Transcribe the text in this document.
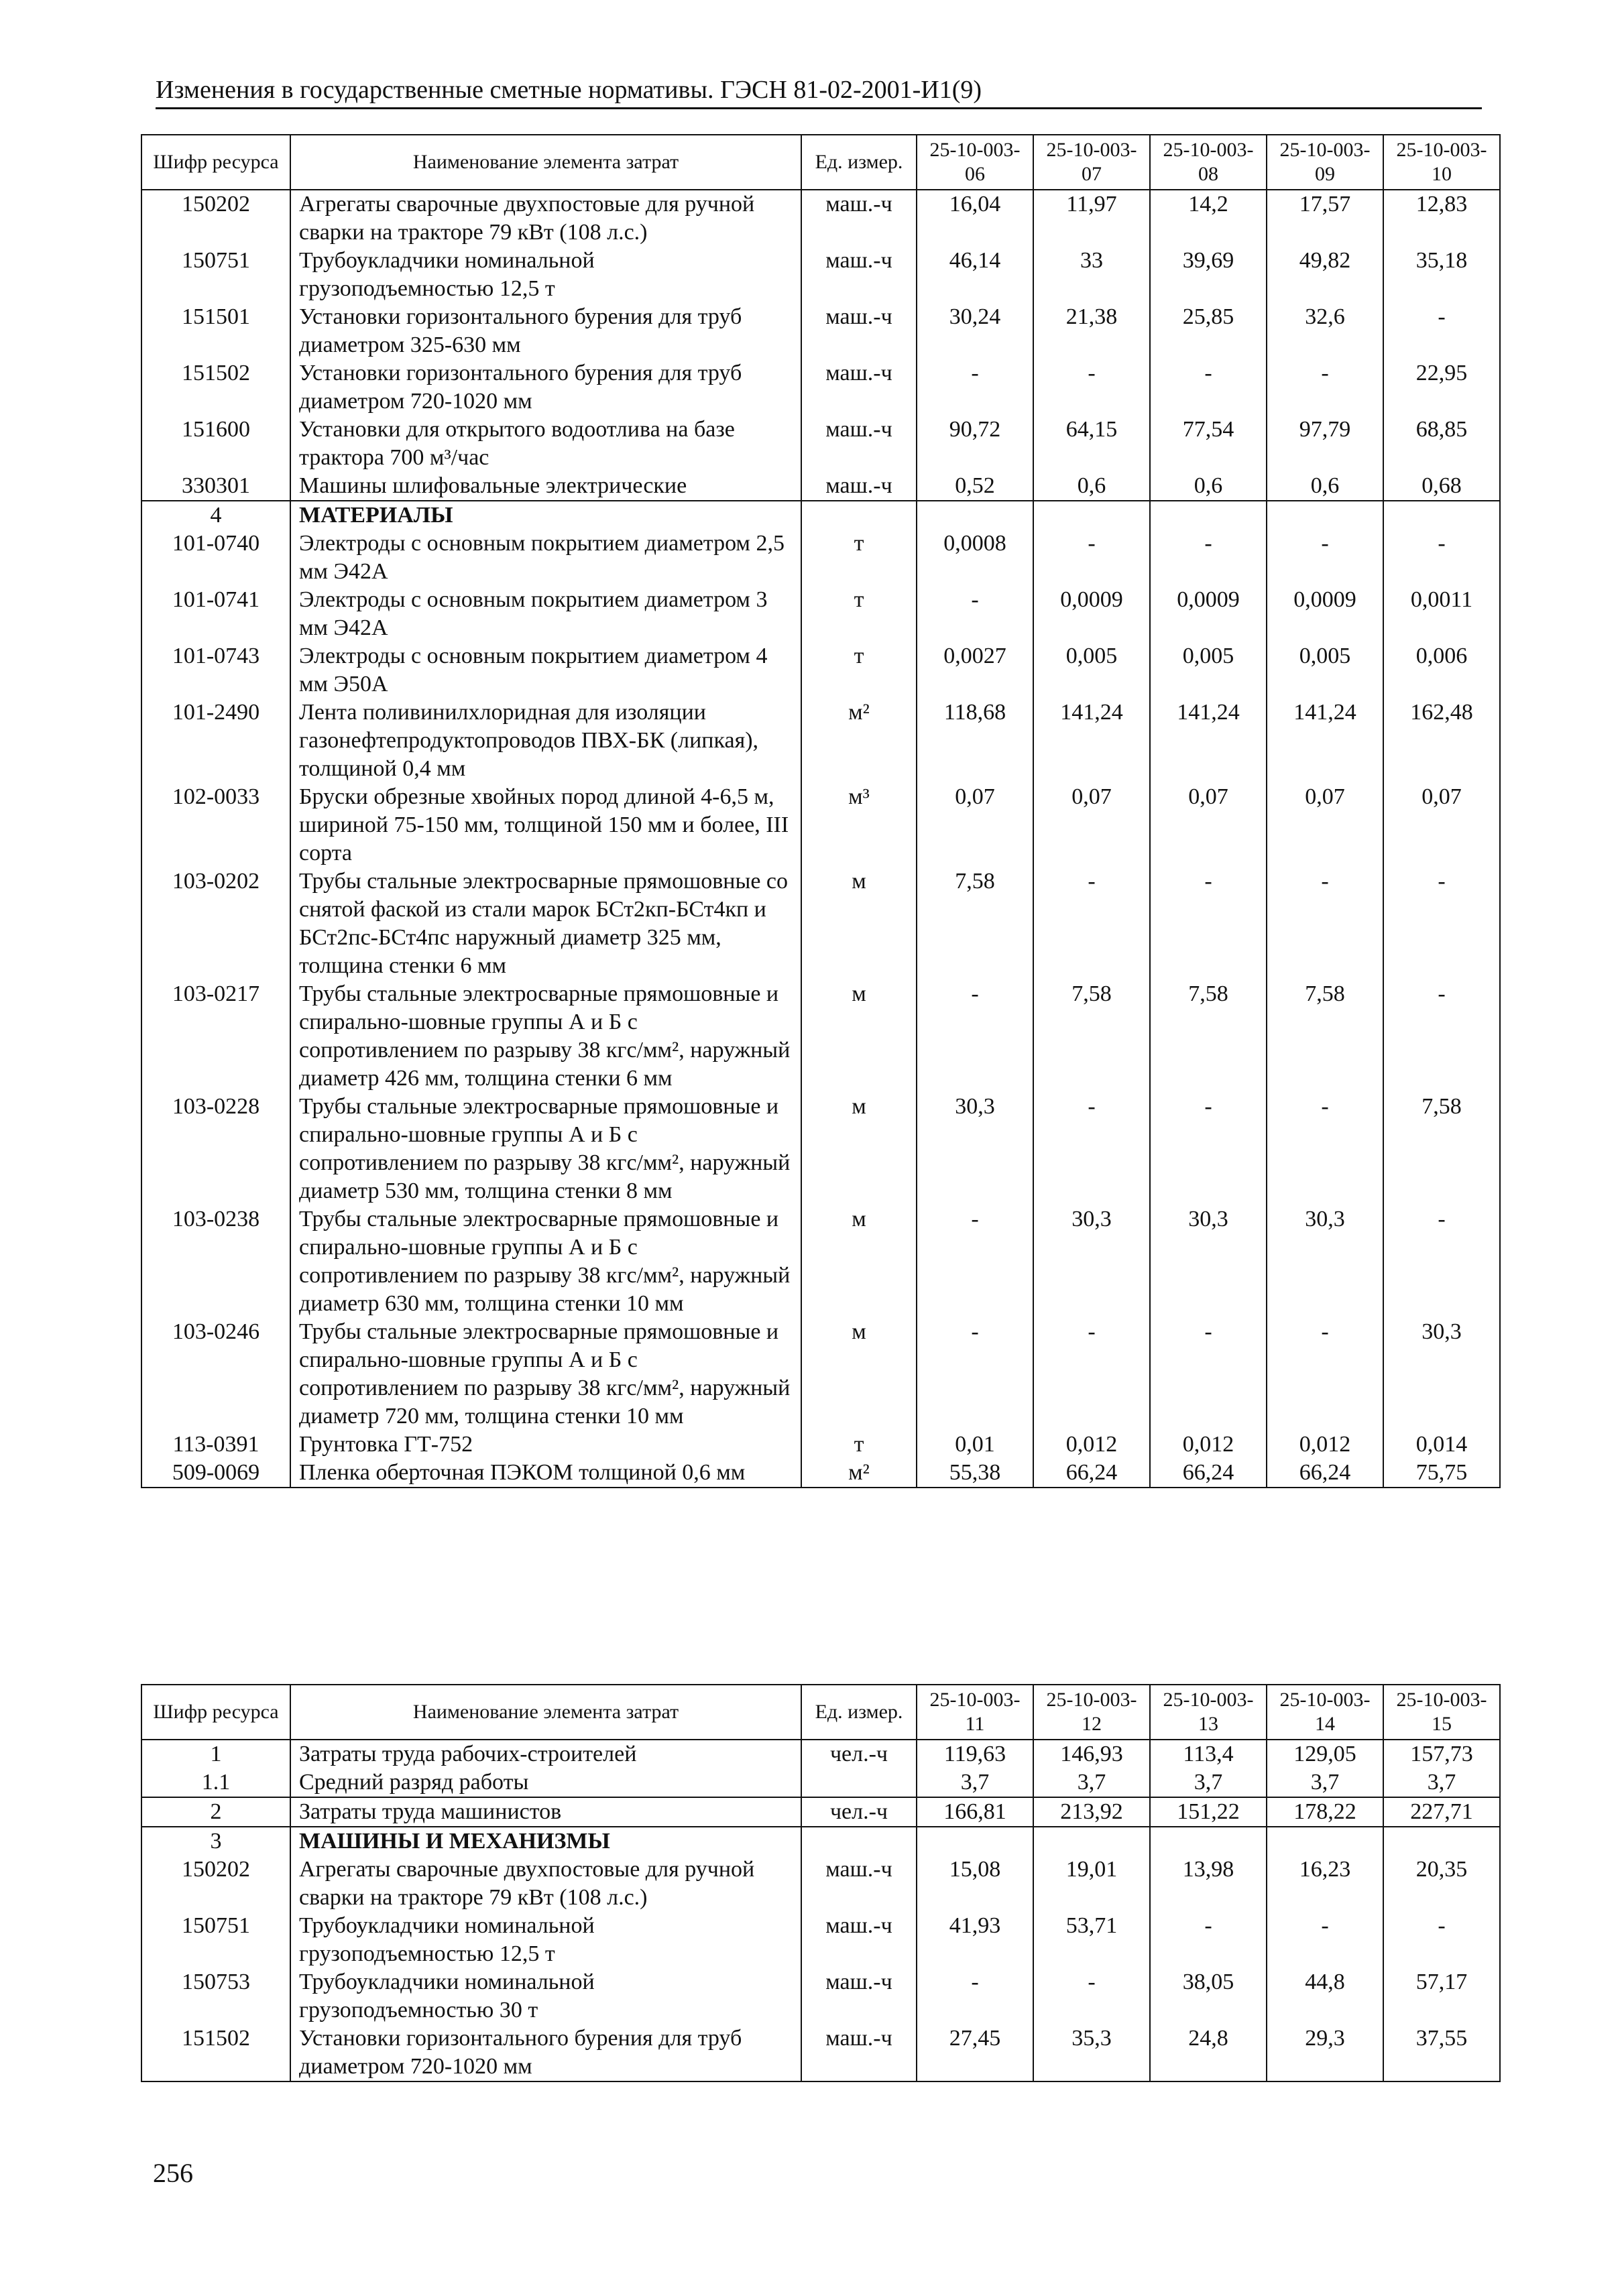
Изменения в государственные сметные нормативы. ГЭСН 81-02-2001-И1(9)
Шифр ресурса	Наименование элемента затрат	Ед. измер.	25-10-003-06	25-10-003-07	25-10-003-08	25-10-003-09	25-10-003-10
150202	Агрегаты сварочные двухпостовые для ручной сварки на тракторе 79 кВт (108 л.с.)	маш.-ч	16,04	11,97	14,2	17,57	12,83
150751	Трубоукладчики номинальной грузоподъемностью 12,5 т	маш.-ч	46,14	33	39,69	49,82	35,18
151501	Установки горизонтального бурения для труб диаметром 325-630 мм	маш.-ч	30,24	21,38	25,85	32,6	-
151502	Установки горизонтального бурения для труб диаметром 720-1020 мм	маш.-ч	-	-	-	-	22,95
151600	Установки для открытого водоотлива на базе трактора 700 м³/час	маш.-ч	90,72	64,15	77,54	97,79	68,85
330301	Машины шлифовальные электрические	маш.-ч	0,52	0,6	0,6	0,6	0,68
4	МАТЕРИАЛЫ						
101-0740	Электроды с основным покрытием диаметром 2,5 мм Э42А	т	0,0008	-	-	-	-
101-0741	Электроды с основным покрытием диаметром 3 мм Э42А	т	-	0,0009	0,0009	0,0009	0,0011
101-0743	Электроды с основным покрытием диаметром 4 мм Э50А	т	0,0027	0,005	0,005	0,005	0,006
101-2490	Лента поливинилхлоридная для изоляции газонефтепродуктопроводов ПВХ-БК (липкая), толщиной 0,4 мм	м²	118,68	141,24	141,24	141,24	162,48
102-0033	Бруски обрезные хвойных пород длиной 4-6,5 м, шириной 75-150 мм, толщиной 150 мм и более, III сорта	м³	0,07	0,07	0,07	0,07	0,07
103-0202	Трубы стальные электросварные прямошовные со снятой фаской из стали марок БСт2кп-БСт4кп и БСт2пс-БСт4пс наружный диаметр 325 мм, толщина стенки 6 мм	м	7,58	-	-	-	-
103-0217	Трубы стальные электросварные прямошовные и спирально-шовные группы А и Б с сопротивлением по разрыву 38 кгс/мм², наружный диаметр 426 мм, толщина стенки 6 мм	м	-	7,58	7,58	7,58	-
103-0228	Трубы стальные электросварные прямошовные и спирально-шовные группы А и Б с сопротивлением по разрыву 38 кгс/мм², наружный диаметр 530 мм, толщина стенки 8 мм	м	30,3	-	-	-	7,58
103-0238	Трубы стальные электросварные прямошовные и спирально-шовные группы А и Б с сопротивлением по разрыву 38 кгс/мм², наружный диаметр 630 мм, толщина стенки 10 мм	м	-	30,3	30,3	30,3	-
103-0246	Трубы стальные электросварные прямошовные и спирально-шовные группы А и Б с сопротивлением по разрыву 38 кгс/мм², наружный диаметр 720 мм, толщина стенки 10 мм	м	-	-	-	-	30,3
113-0391	Грунтовка ГТ-752	т	0,01	0,012	0,012	0,012	0,014
509-0069	Пленка оберточная ПЭКОМ толщиной 0,6 мм	м²	55,38	66,24	66,24	66,24	75,75
Шифр ресурса	Наименование элемента затрат	Ед. измер.	25-10-003-11	25-10-003-12	25-10-003-13	25-10-003-14	25-10-003-15
1	Затраты труда рабочих-строителей	чел.-ч	119,63	146,93	113,4	129,05	157,73
1.1	Средний разряд работы		3,7	3,7	3,7	3,7	3,7
2	Затраты труда машинистов	чел.-ч	166,81	213,92	151,22	178,22	227,71
3	МАШИНЫ И МЕХАНИЗМЫ						
150202	Агрегаты сварочные двухпостовые для ручной сварки на тракторе 79 кВт (108 л.с.)	маш.-ч	15,08	19,01	13,98	16,23	20,35
150751	Трубоукладчики номинальной грузоподъемностью 12,5 т	маш.-ч	41,93	53,71	-	-	-
150753	Трубоукладчики номинальной грузоподъемностью 30 т	маш.-ч	-	-	38,05	44,8	57,17
151502	Установки горизонтального бурения для труб диаметром 720-1020 мм	маш.-ч	27,45	35,3	24,8	29,3	37,55
256
